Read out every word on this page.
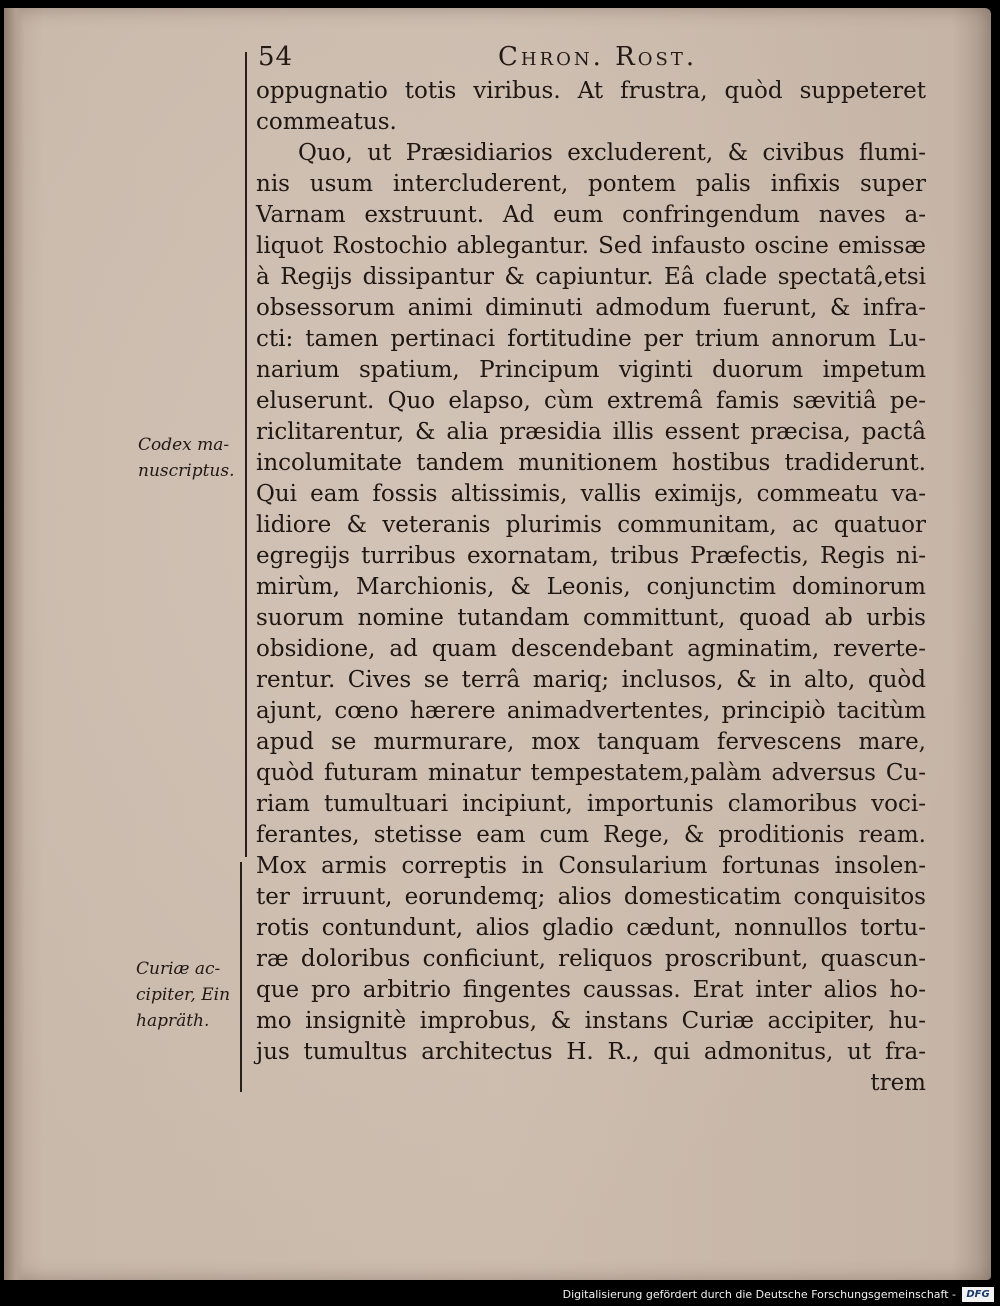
54	Chron. Rost.
oppugnatio totis viribus. At frustra, quòd suppeteret
commeatus.
Quo, ut Præsidiarios excluderent, & civibus flumi-
nis usum intercluderent, pontem palis infixis super
Varnam exstruunt. Ad eum confringendum naves a-
liquot Rostochio ablegantur. Sed infausto oscine emissæ
à Regijs dissipantur & capiuntur. Eâ clade spectatâ,etsi
obsessorum animi diminuti admodum fuerunt, & infra-
cti: tamen pertinaci fortitudine per trium annorum Lu-
narium spatium, Principum viginti duorum impetum
eluserunt. Quo elapso, cùm extremâ famis sævitiâ pe-
riclitarentur, & alia præsidia illis essent præcisa, pactâ
incolumitate tandem munitionem hostibus tradiderunt.
Qui eam fossis altissimis, vallis eximijs, commeatu va-
lidiore & veteranis plurimis communitam, ac quatuor
egregijs turribus exornatam, tribus Præfectis, Regis ni-
mirùm, Marchionis, & Leonis, conjunctim dominorum
suorum nomine tutandam committunt, quoad ab urbis
obsidione, ad quam descendebant agminatim, reverte-
rentur. Cives se terrâ mariq; inclusos, & in alto, quòd
ajunt, cœno hærere animadvertentes, principiò tacitùm
apud se murmurare, mox tanquam fervescens mare,
quòd futuram minatur tempestatem,palàm adversus Cu-
riam tumultuari incipiunt, importunis clamoribus voci-
ferantes, stetisse eam cum Rege, & proditionis ream.
Mox armis correptis in Consularium fortunas insolen-
ter irruunt, eorundemq; alios domesticatim conquisitos
rotis contundunt, alios gladio cædunt, nonnullos tortu-
ræ doloribus conficiunt, reliquos proscribunt, quascun-
que pro arbitrio fingentes caussas. Erat inter alios ho-
mo insignitè improbus, & instans Curiæ accipiter, hu-
jus tumultus architectus H. R., qui admonitus, ut fra-
trem
Codex ma-
nuscriptus.
Curiæ ac-
cipiter, Ein
hapräth.
Digitalisierung gefördert durch die Deutsche Forschungsgemeinschaft -	DFG
